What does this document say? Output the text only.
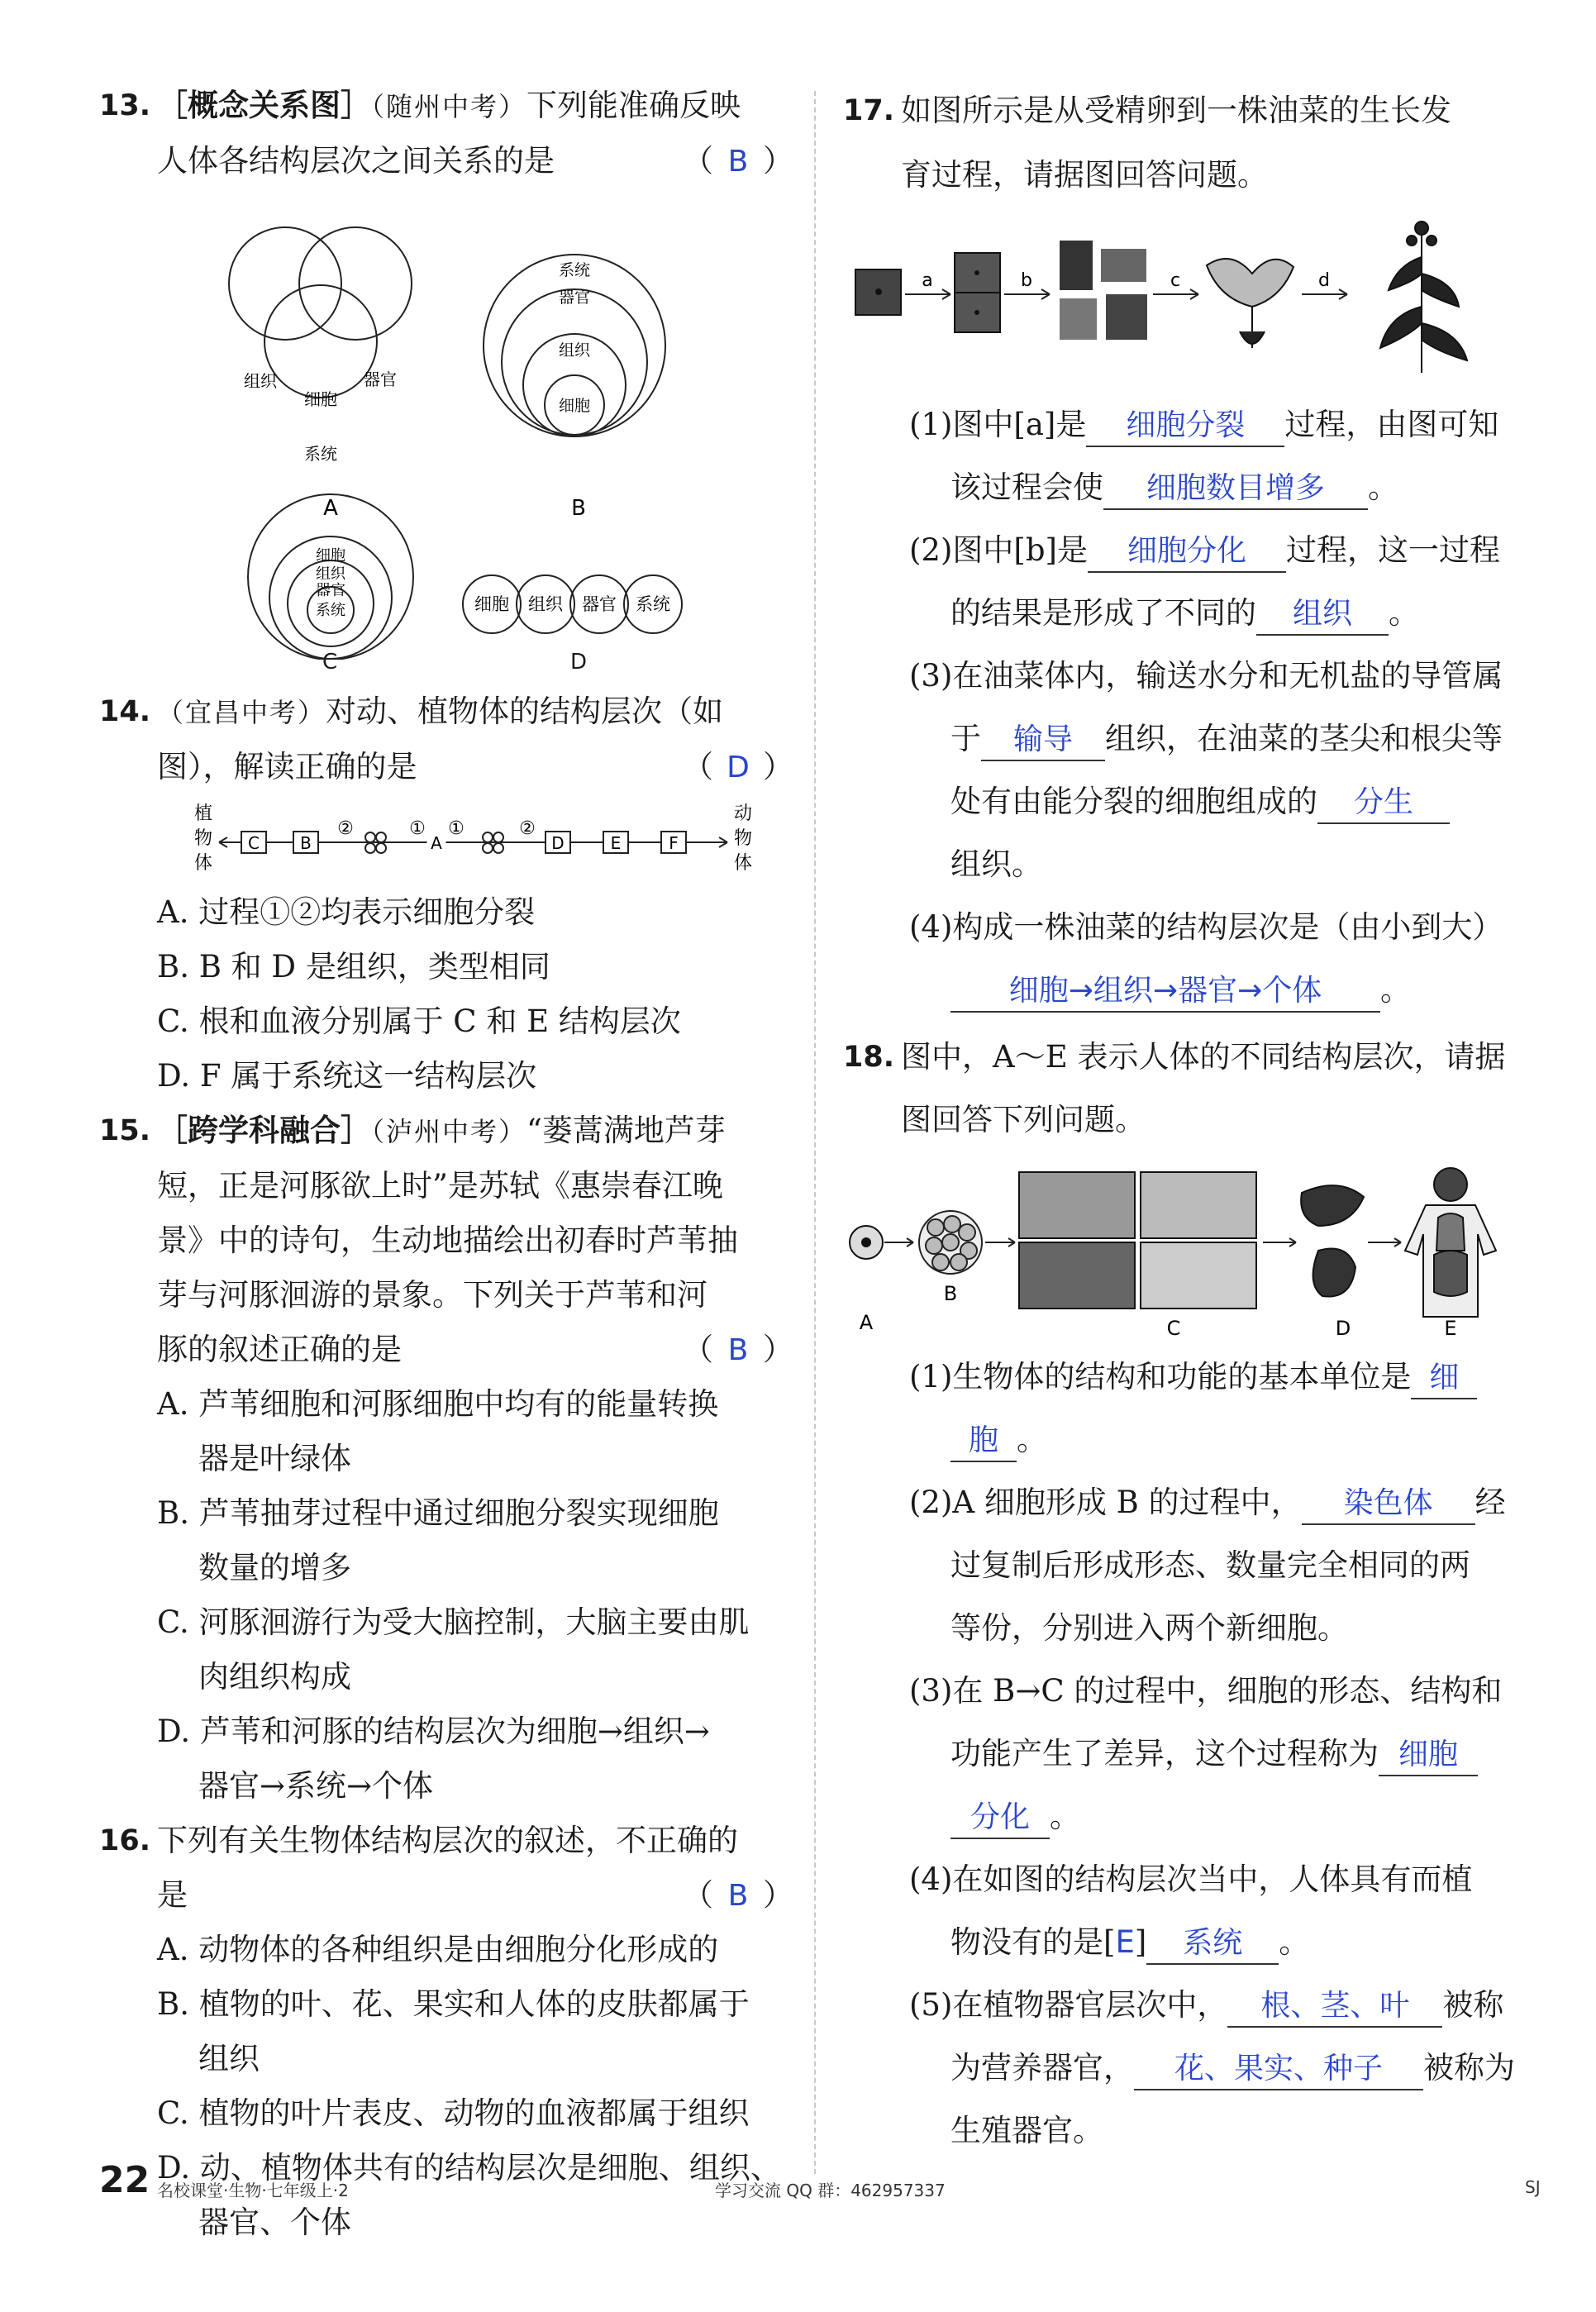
13. ［概念关系图］（随州中考）下列能准确反映
人体各结构层次之间关系的是	（ B ）
组织	器官
细胞
系统
A
系统
器官
组织
细胞
B
细胞
组织
器官
系统	细胞 组织 器官 系统
C	D
14. （宜昌中考）对动、植物体的结构层次（如
图），解读正确的是	（ D ）
植
物
体
动
物
体
C B	D	E	F
②	① ①	②
A
A. 过程①②均表示细胞分裂
B. B 和 D 是组织，类型相同
C. 根和血液分别属于 C 和 E 结构层次
D. F 属于系统这一结构层次
15. ［跨学科融合］（泸州中考）“蒌蒿满地芦芽
短，正是河豚欲上时”是苏轼《惠崇春江晚
景》中的诗句，生动地描绘出初春时芦苇抽
芽与河豚洄游的景象。下列关于芦苇和河
豚的叙述正确的是	（ B ）
A. 芦苇细胞和河豚细胞中均有的能量转换
器是叶绿体
B. 芦苇抽芽过程中通过细胞分裂实现细胞
数量的增多
C. 河豚洄游行为受大脑控制，大脑主要由肌
肉组织构成
D. 芦苇和河豚的结构层次为细胞→组织→
器官→系统→个体
16. 下列有关生物体结构层次的叙述，不正确的
是	（ B ）
A. 动物体的各种组织是由细胞分化形成的
B. 植物的叶、花、果实和人体的皮肤都属于
组织
C. 植物的叶片表皮、动物的血液都属于组织
D. 动、植物体共有的结构层次是细胞、组织、
器官、个体
17. 如图所示是从受精卵到一株油菜的生长发
育过程，请据图回答问题。
a	b	c	d
(1)图中[a]是 细胞分裂 过程，由图可知
该过程会使 细胞数目增多 。
(2)图中[b]是 细胞分化 过程，这一过程
的结果是形成了不同的 组织 。
(3)在油菜体内，输送水分和无机盐的导管属
于 输导 组织，在油菜的茎尖和根尖等
处有由能分裂的细胞组成的 分生
组织。
(4)构成一株油菜的结构层次是（由小到大）
细胞→组织→器官→个体 。
18. 图中，A～E 表示人体的不同结构层次，请据
图回答下列问题。
A
B
C	D	E
(1)生物体的结构和功能的基本单位是 细
胞 。
(2)A 细胞形成 B 的过程中， 染色体 经
过复制后形成形态、数量完全相同的两
等份，分别进入两个新细胞。
(3)在 B→C 的过程中，细胞的形态、结构和
功能产生了差异，这个过程称为 细胞
分化 。
(4)在如图的结构层次当中，人体具有而植
物没有的是[E] 系统 。
(5)在植物器官层次中， 根、茎、叶 被称
为营养器官， 花、果实、种子 被称为
生殖器官。
22 名校课堂·生物·七年级上·2	学习交流 QQ 群：462957337	SJ
